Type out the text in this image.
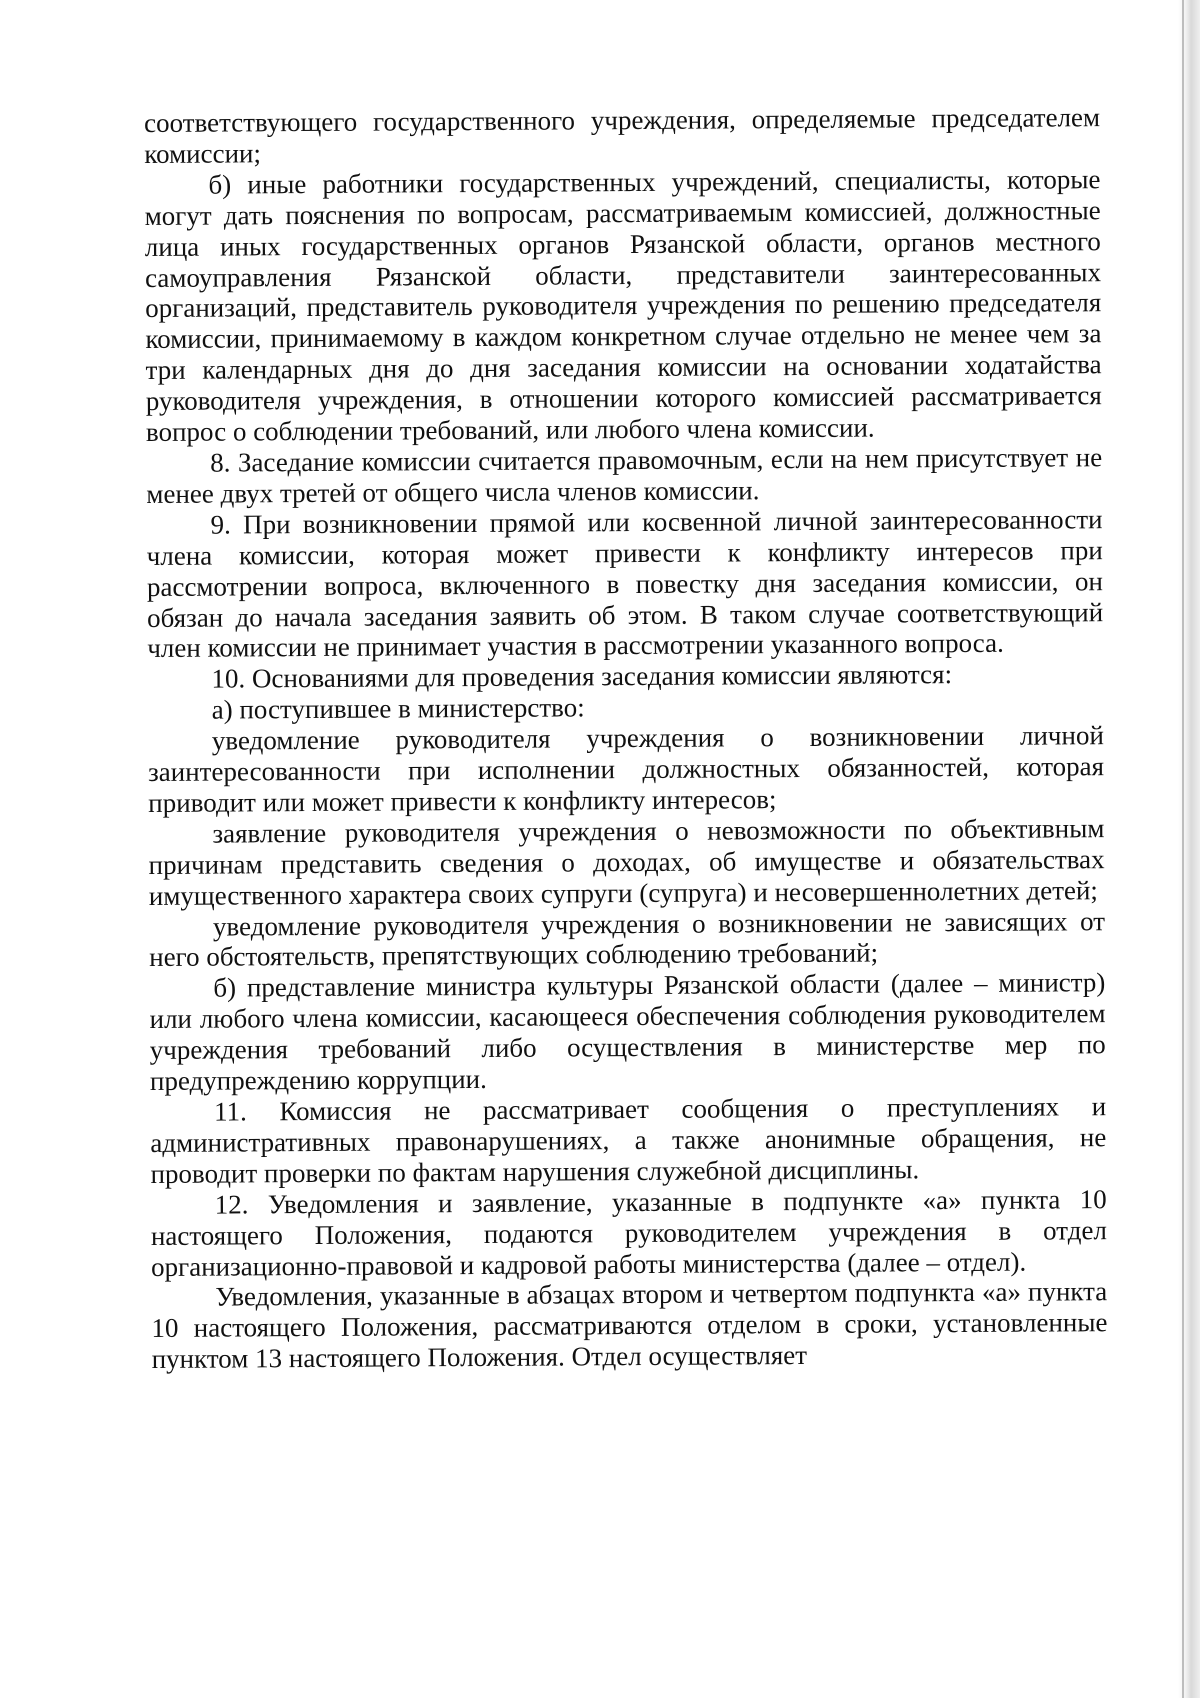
соответствующего государственного учреждения, определяемые председателем комиссии;

б) иные работники государственных учреждений, специалисты, которые могут дать пояснения по вопросам, рассматриваемым комиссией, должностные лица иных государственных органов Рязанской области, органов местного самоуправления Рязанской области, представители заинтересованных организаций, представитель руководителя учреждения по решению председателя комиссии, принимаемому в каждом конкретном случае отдельно не менее чем за три календарных дня до дня заседания комиссии на основании ходатайства руководителя учреждения, в отношении которого комиссией рассматривается вопрос о соблюдении требований, или любого члена комиссии.

8. Заседание комиссии считается правомочным, если на нем присутствует не менее двух третей от общего числа членов комиссии.

9. При возникновении прямой или косвенной личной заинтересованности члена комиссии, которая может привести к конфликту интересов при рассмотрении вопроса, включенного в повестку дня заседания комиссии, он обязан до начала заседания заявить об этом. В таком случае соответствующий член комиссии не принимает участия в рассмотрении указанного вопроса.

10. Основаниями для проведения заседания комиссии являются:

а) поступившее в министерство:

уведомление руководителя учреждения о возникновении личной заинтересованности при исполнении должностных обязанностей, которая приводит или может привести к конфликту интересов;

заявление руководителя учреждения о невозможности по объективным причинам представить сведения о доходах, об имуществе и обязательствах имущественного характера своих супруги (супруга) и несовершеннолетних детей;

уведомление руководителя учреждения о возникновении не зависящих от него обстоятельств, препятствующих соблюдению требований;

б) представление министра культуры Рязанской области (далее – министр) или любого члена комиссии, касающееся обеспечения соблюдения руководителем учреждения требований либо осуществления в министерстве мер по предупреждению коррупции.

11. Комиссия не рассматривает сообщения о преступлениях и административных правонарушениях, а также анонимные обращения, не проводит проверки по фактам нарушения служебной дисциплины.

12. Уведомления и заявление, указанные в подпункте «а» пункта 10 настоящего Положения, подаются руководителем учреждения в отдел организационно-правовой и кадровой работы министерства (далее – отдел).

Уведомления, указанные в абзацах втором и четвертом подпункта «а» пункта 10 настоящего Положения, рассматриваются отделом в сроки, установленные пунктом 13 настоящего Положения. Отдел осуществляет
